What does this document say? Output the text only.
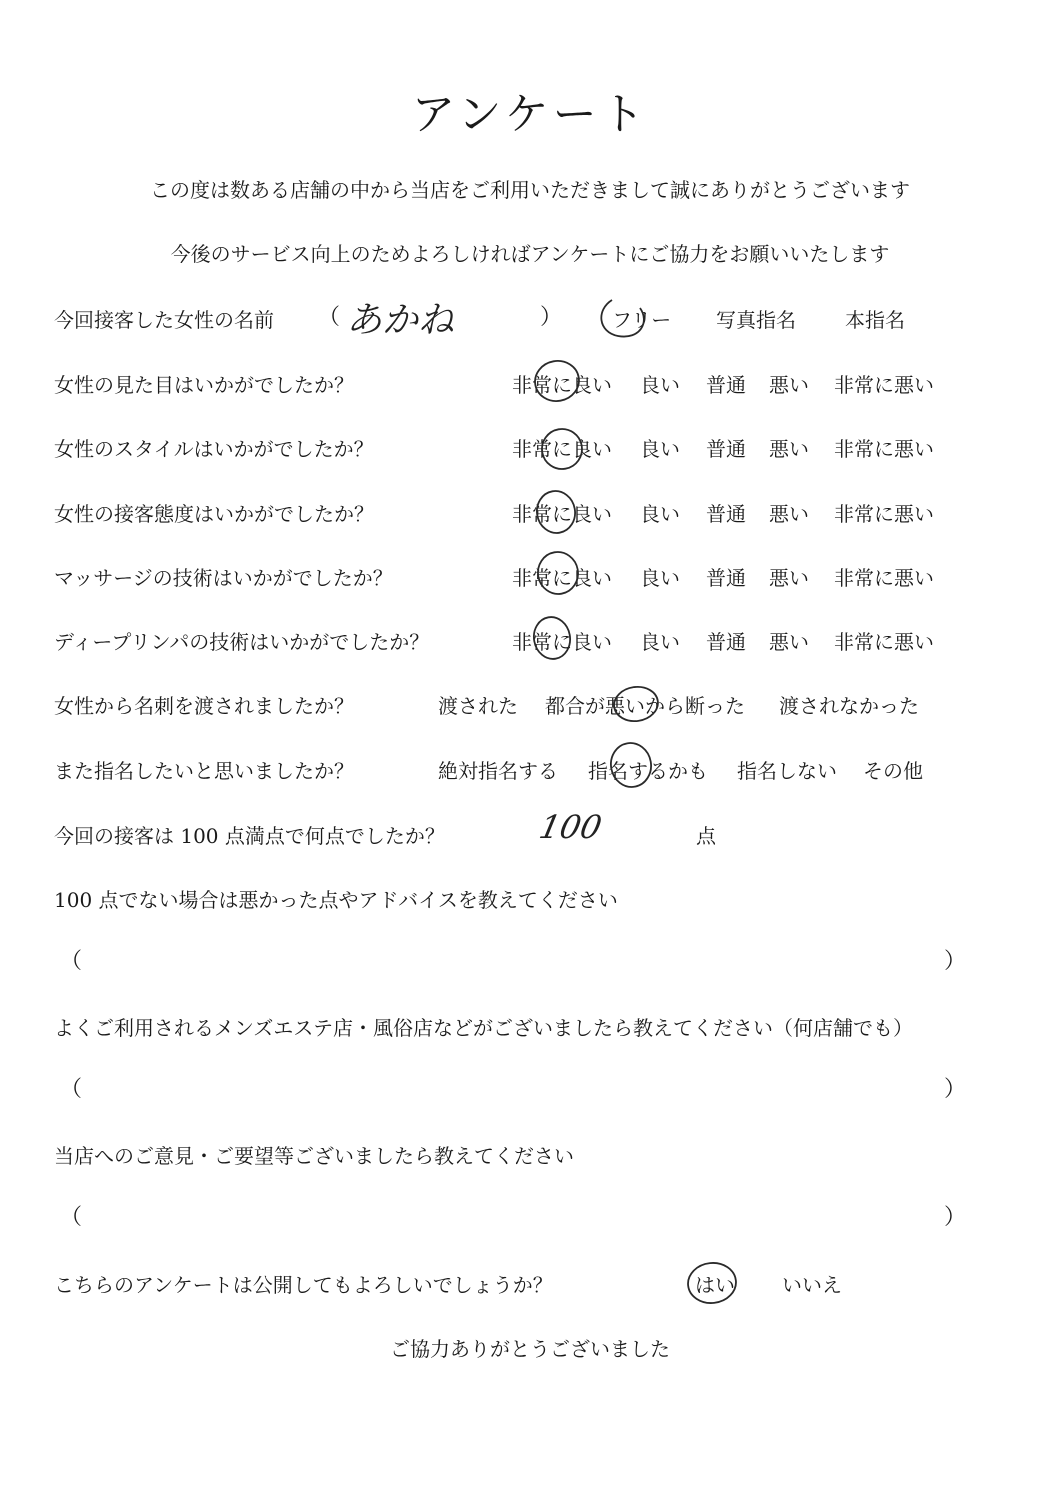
アンケート
この度は数ある店舗の中から当店をご利用いただきまして誠にありがとうございます
今後のサービス向上のためよろしければアンケートにご協力をお願いいたします
今回接客した女性の名前 （ あかね	） フリー 写真指名 本指名
女性の見た目はいかがでしたか？	非常に良い 良い 普通 悪い 非常に悪い
女性のスタイルはいかがでしたか？	非常に良い 良い 普通 悪い 非常に悪い
女性の接客態度はいかがでしたか？	非常に良い 良い 普通 悪い 非常に悪い
マッサージの技術はいかがでしたか？	非常に良い 良い 普通 悪い 非常に悪い
ディープリンパの技術はいかがでしたか？	非常に良い 良い 普通 悪い 非常に悪い
女性から名刺を渡されましたか？	渡された 都合が悪いから断った 渡されなかった
また指名したいと思いましたか？	絶対指名する 指名するかも 指名しない その他
今回の接客は 100 点満点で何点でしたか？	100	点
100 点でない場合は悪かった点やアドバイスを教えてください
（	）
よくご利用されるメンズエステ店・風俗店などがございましたら教えてください（何店舗でも）
（	）
当店へのご意見・ご要望等ございましたら教えてください
（	）
こちらのアンケートは公開してもよろしいでしょうか？	はい いいえ
ご協力ありがとうございました
